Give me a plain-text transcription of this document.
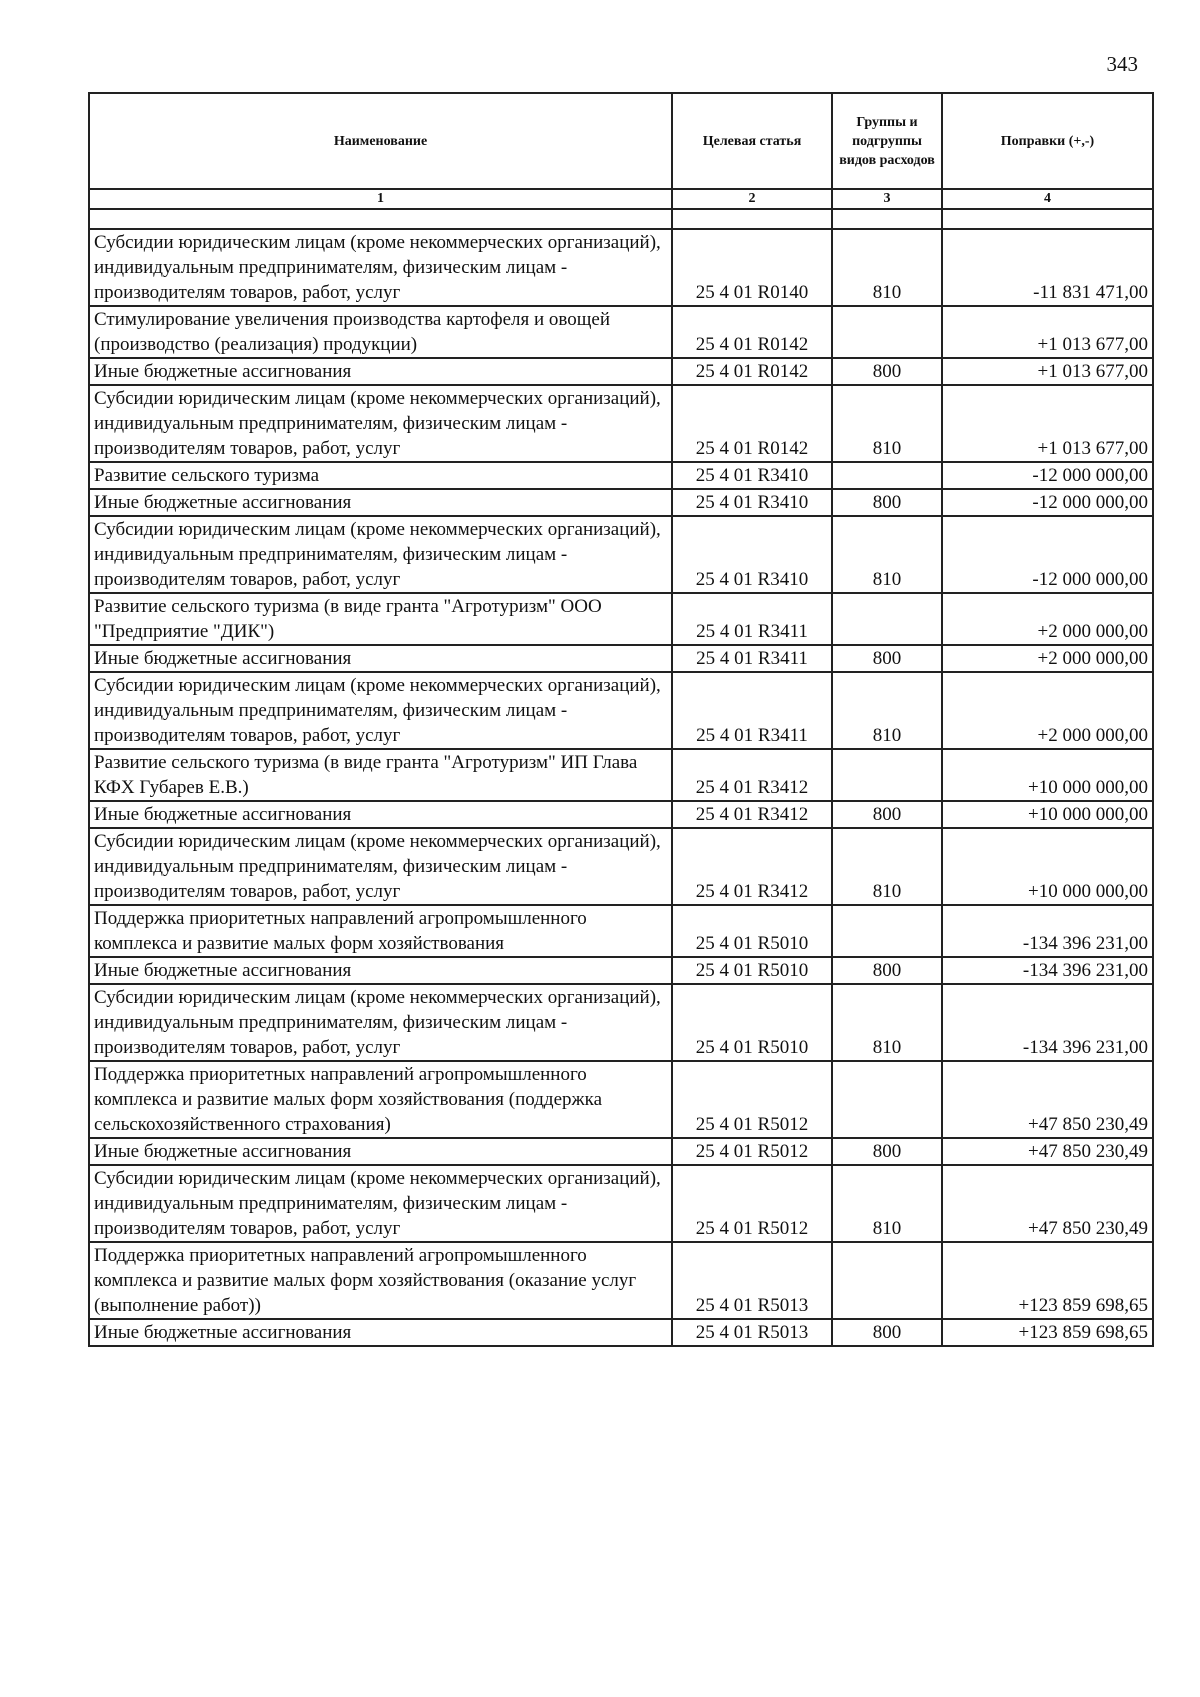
343
Наименование	Целевая статья	Группы и подгруппы видов расходов	Поправки (+,-)
1	2	3	4

Субсидии юридическим лицам (кроме некоммерческих организаций), индивидуальным предпринимателям, физическим лицам - производителям товаров, работ, услуг	25 4 01 R0140	810	-11 831 471,00
Стимулирование увеличения производства картофеля и овощей (производство (реализация) продукции)	25 4 01 R0142		+1 013 677,00
Иные бюджетные ассигнования	25 4 01 R0142	800	+1 013 677,00
Субсидии юридическим лицам (кроме некоммерческих организаций), индивидуальным предпринимателям, физическим лицам - производителям товаров, работ, услуг	25 4 01 R0142	810	+1 013 677,00
Развитие сельского туризма	25 4 01 R3410		-12 000 000,00
Иные бюджетные ассигнования	25 4 01 R3410	800	-12 000 000,00
Субсидии юридическим лицам (кроме некоммерческих организаций), индивидуальным предпринимателям, физическим лицам - производителям товаров, работ, услуг	25 4 01 R3410	810	-12 000 000,00
Развитие сельского туризма (в виде гранта "Агротуризм" ООО "Предприятие "ДИК")	25 4 01 R3411		+2 000 000,00
Иные бюджетные ассигнования	25 4 01 R3411	800	+2 000 000,00
Субсидии юридическим лицам (кроме некоммерческих организаций), индивидуальным предпринимателям, физическим лицам - производителям товаров, работ, услуг	25 4 01 R3411	810	+2 000 000,00
Развитие сельского туризма (в виде гранта "Агротуризм" ИП Глава КФХ Губарев Е.В.)	25 4 01 R3412		+10 000 000,00
Иные бюджетные ассигнования	25 4 01 R3412	800	+10 000 000,00
Субсидии юридическим лицам (кроме некоммерческих организаций), индивидуальным предпринимателям, физическим лицам - производителям товаров, работ, услуг	25 4 01 R3412	810	+10 000 000,00
Поддержка приоритетных направлений агропромышленного комплекса и развитие малых форм хозяйствования	25 4 01 R5010		-134 396 231,00
Иные бюджетные ассигнования	25 4 01 R5010	800	-134 396 231,00
Субсидии юридическим лицам (кроме некоммерческих организаций), индивидуальным предпринимателям, физическим лицам - производителям товаров, работ, услуг	25 4 01 R5010	810	-134 396 231,00
Поддержка приоритетных направлений агропромышленного комплекса и развитие малых форм хозяйствования (поддержка сельскохозяйственного страхования)	25 4 01 R5012		+47 850 230,49
Иные бюджетные ассигнования	25 4 01 R5012	800	+47 850 230,49
Субсидии юридическим лицам (кроме некоммерческих организаций), индивидуальным предпринимателям, физическим лицам - производителям товаров, работ, услуг	25 4 01 R5012	810	+47 850 230,49
Поддержка приоритетных направлений агропромышленного комплекса и развитие малых форм хозяйствования (оказание услуг (выполнение работ))	25 4 01 R5013		+123 859 698,65
Иные бюджетные ассигнования	25 4 01 R5013	800	+123 859 698,65
